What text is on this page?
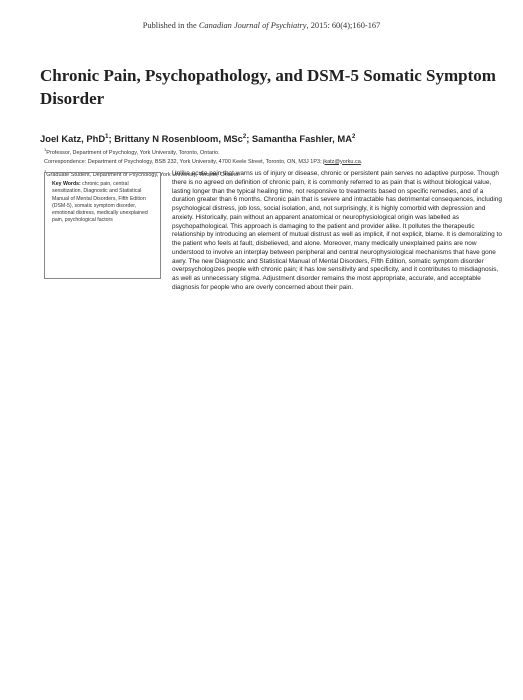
Published in the Canadian Journal of Psychiatry, 2015: 60(4);160-167
Chronic Pain, Psychopathology, and DSM-5 Somatic Symptom Disorder
Joel Katz, PhD$^1$; Brittany N Rosenbloom, MSc$^2$; Samantha Fashler, $MA^2$
$^1$Professor, Department of Psychology, York University, Toronto, Ontario.
Correspondence: Department of Psychology, BSB 232, York University, 4700 Keele Street, Toronto, ON, M3J 1P3; jkatz@yorku.ca.
$^2$Graduate Student, Department of Psychology, York University, Toronto, Ontario.
Key Words: chronic pain, central sensitization, Diagnostic and Statistical Manual of Mental Disorders, Fifth Edition (DSM-5), somatic symptom disorder, emotional distress, medically unexplained pain, psychological factors

Unlike acute pain that warns us of injury or disease, chronic or persistent pain serves no adaptive purpose. Though there is no agreed on definition of chronic pain, it is commonly referred to as pain that is without biological value, lasting longer than the typical healing time, not responsive to treatments based on specific remedies, and of a duration greater than 6 months. Chronic pain that is severe and intractable has detrimental consequences, including psychological distress, job loss, social isolation, and, not surprisingly, it is highly comorbid with depression and anxiety. Historically, pain without an apparent anatomical or neurophysiological origin was labelled as psychopathological. This approach is damaging to the patient and provider alike. It pollutes the therapeutic relationship by introducing an element of mutual distrust as well as implicit, if not explicit, blame. It is demoralizing to the patient who feels at fault, disbelieved, and alone. Moreover, many medically unexplained pains are now understood to involve an interplay between peripheral and central neurophysiological mechanisms that have gone awry. The new Diagnostic and Statistical Manual of Mental Disorders, Fifth Edition, somatic symptom disorder overpsychologizes people with chronic pain; it has low sensitivity and specificity, and it contributes to misdiagnosis, as well as unnecessary stigma. Adjustment disorder remains the most appropriate, accurate, and acceptable diagnosis for people who are overly concerned about their pain.
